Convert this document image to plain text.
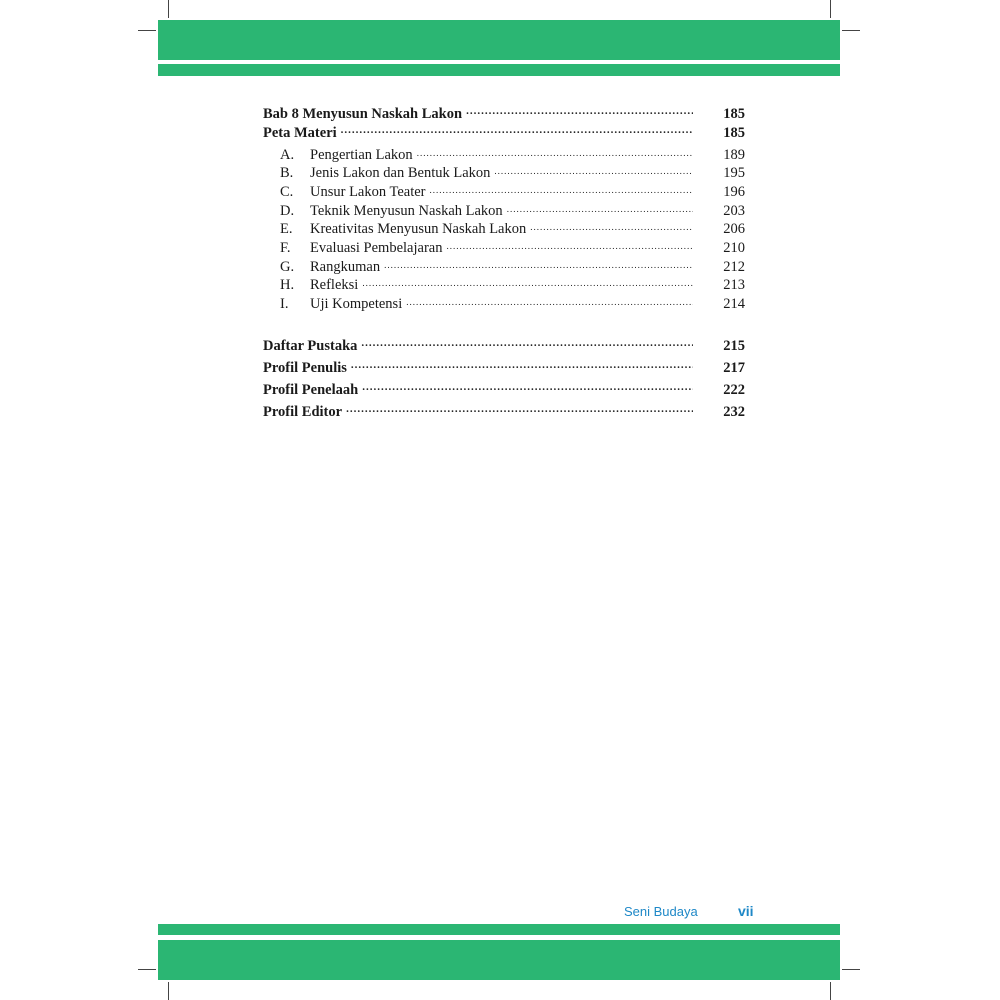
Bab 8 Menyusun Naskah Lakon .....	185
Peta Materi .....	185
A.	Pengertian Lakon .....	189
B.	Jenis Lakon dan Bentuk Lakon .....	195
C.	Unsur Lakon Teater .....	196
D.	Teknik Menyusun Naskah Lakon .....	203
E.	Kreativitas Menyusun Naskah Lakon .....	206
F.	Evaluasi Pembelajaran .....	210
G.	Rangkuman .....	212
H.	Refleksi .....	213
I.	Uji Kompetensi .....	214
Daftar Pustaka .....	215
Profil Penulis .....	217
Profil Penelaah .....	222
Profil Editor .....	232
Seni Budaya	vii
